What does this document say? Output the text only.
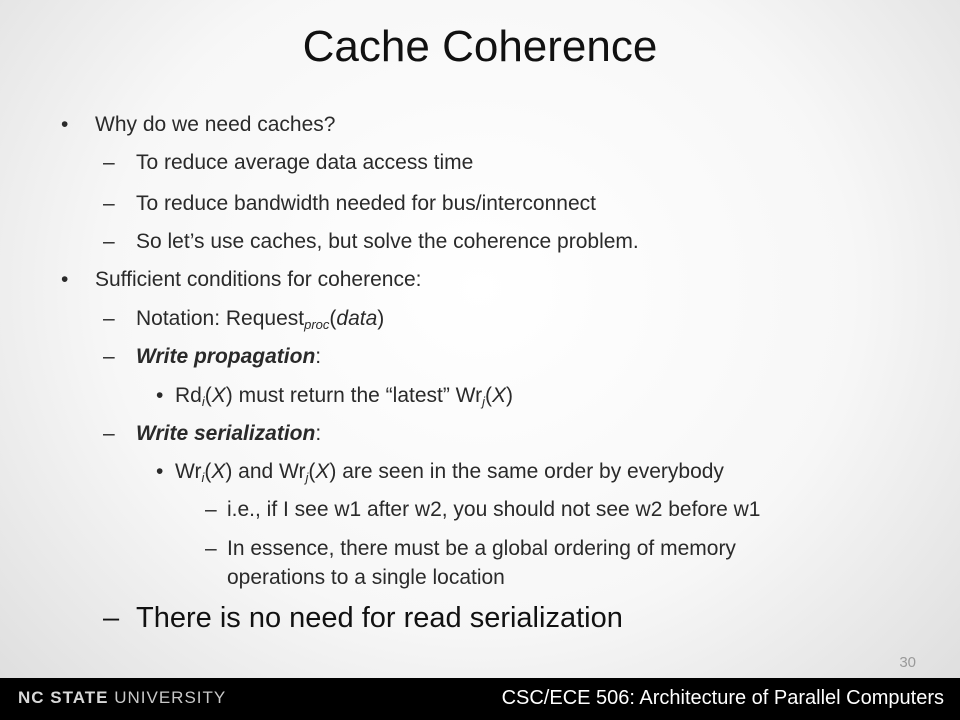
Cache Coherence
• Why do we need caches?
– To reduce average data access time
– To reduce bandwidth needed for bus/interconnect
– So let’s use caches, but solve the coherence problem.
• Sufficient conditions for coherence:
– Notation: Request$_{proc}$(data)
– Write propagation:
• $Rd_i(X)$ must return the “latest” $Wr_j(X)$
– Write serialization:
• $Wr_i(X)$ and $Wr_j(X)$ are seen in the same order by everybody
– i.e., if I see w1 after w2, you should not see w2 before w1
– In essence, there must be a global ordering of memory
operations to a single location
– There is no need for read serialization
30
NC STATE UNIVERSITY	CSC/ECE 506: Architecture of Parallel Computers
